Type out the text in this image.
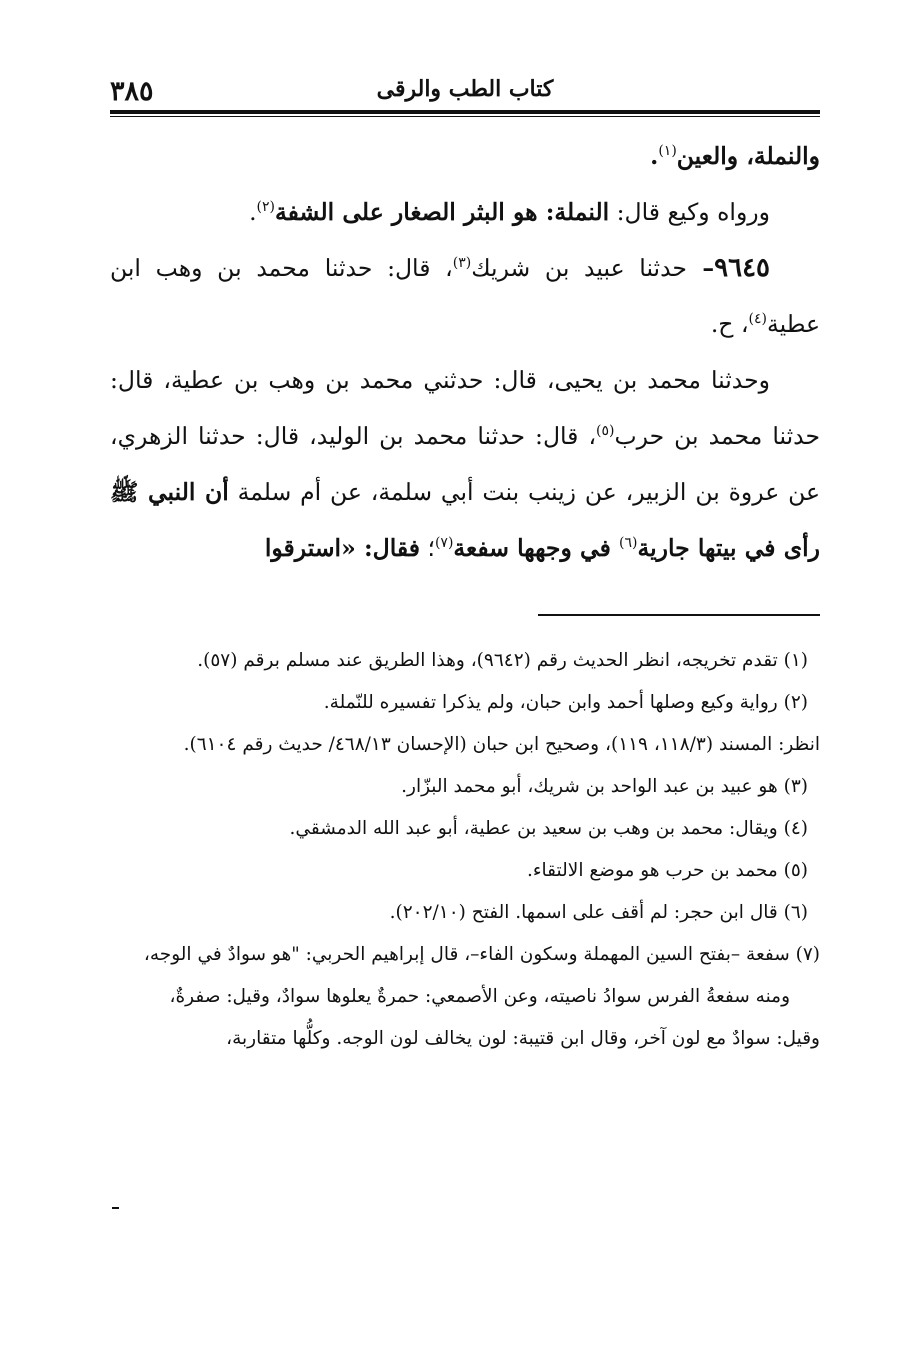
٣٨٥	كتاب الطب والرقى

والنملة، والعين$^{(١)}$.

ورواه وكيع قال: النملة: هو البثر الصغار على الشفة$^{(٢)}$.

٩٦٤٥– حدثنا عبيد بن شريك$^{(٣)}$، قال: حدثنا محمد بن وهب ابن عطية$^{(٤)}$، ح.

وحدثنا محمد بن يحيى، قال: حدثني محمد بن وهب بن عطية، قال: حدثنا محمد بن حرب$^{(٥)}$، قال: حدثنا محمد بن الوليد، قال: حدثنا الزهري، عن عروة بن الزبير، عن زينب بنت أبي سلمة، عن أم سلمة أن النبي ﷺ رأى في بيتها جارية$^{(٦)}$ في وجهها سفعة$^{(٧)}$؛ فقال: «استرقوا

(١) تقدم تخريجه، انظر الحديث رقم (٩٦٤٢)، وهذا الطريق عند مسلم برقم (٥٧).

(٢) رواية وكيع وصلها أحمد وابن حبان، ولم يذكرا تفسيره للنّملة.

انظر: المسند (١١٨/٣، ١١٩)، وصحيح ابن حبان (الإحسان ٤٦٨/١٣/ حديث رقم ٦١٠٤).

(٣) هو عبيد بن عبد الواحد بن شريك، أبو محمد البزّار.

(٤) ويقال: محمد بن وهب بن سعيد بن عطية، أبو عبد الله الدمشقي.

(٥) محمد بن حرب هو موضع الالتقاء.

(٦) قال ابن حجر: لم أقف على اسمها. الفتح (٢٠٢/١٠).

(٧) سفعة –بفتح السين المهملة وسكون الفاء–، قال إبراهيم الحربي: "هو سوادٌ في الوجه،

ومنه سفعةُ الفرس سوادُ ناصيته، وعن الأصمعي: حمرةٌ يعلوها سوادٌ، وقيل: صفرةٌ،

وقيل: سوادٌ مع لون آخر، وقال ابن قتيبة: لون يخالف لون الوجه. وكلُّها متقاربة،
